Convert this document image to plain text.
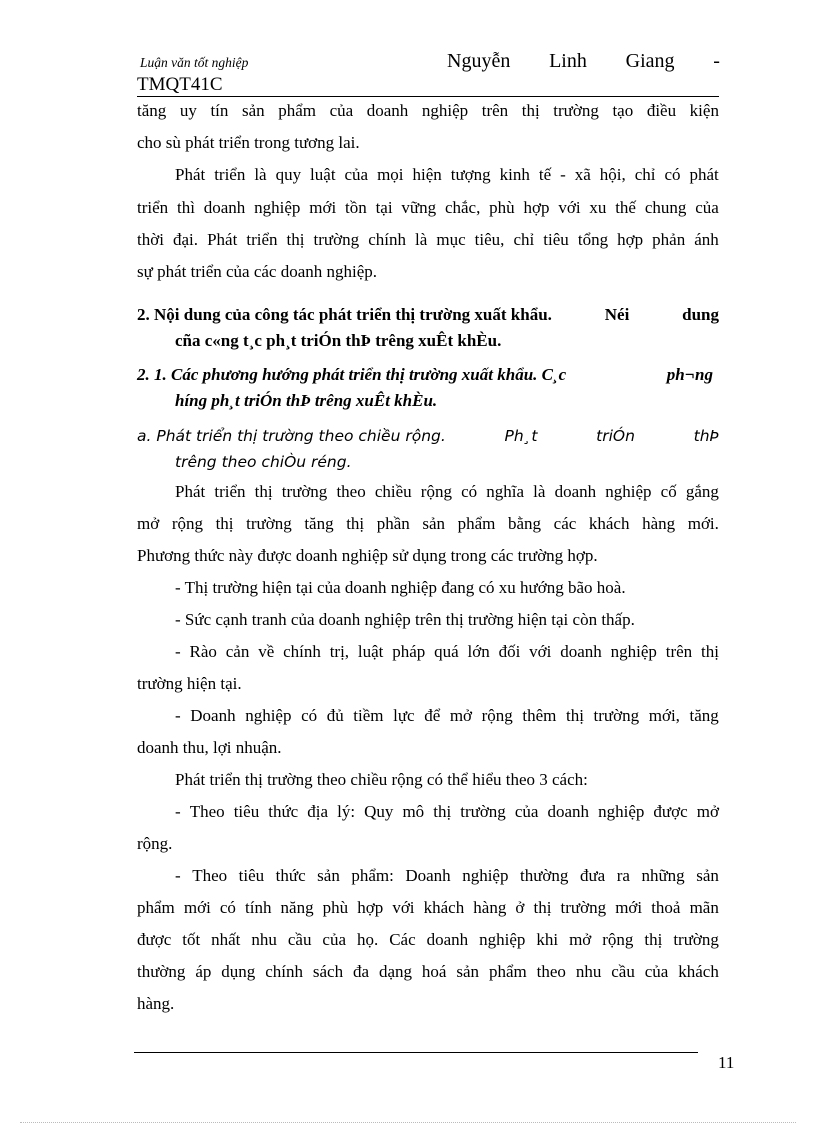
Luận văn tốt nghiệp
TMQT41C
Nguyễn Linh Giang -
tăng uy tín sản phẩm của doanh nghiệp trên thị trường tạo điều kiện
cho sù phát triển trong tương lai.
Phát triển là quy luật của mọi hiện tượng kinh tế - xã hội, chỉ có phát
triển thì doanh nghiệp mới tồn tại vững chắc, phù hợp với xu thế chung của
thời đại. Phát triển thị trường chính là mục tiêu, chỉ tiêu tổng hợp phản ánh
sự phát triển của các doanh nghiệp.
2. Nội dung của công tác phát triển thị trường xuất khẩu.	Néi	dung
cña c«ng t¸c ph¸t triÓn thÞ trêng xuÊt khÈu.
2. 1. Các phương hướng phát triển thị trường xuất khẩu. C¸c	ph¬ng
híng ph¸t triÓn thÞ trêng xuÊt khÈu.
a. Phát triển thị trường theo chiều rộng.	Ph¸t	triÓn	thÞ
trêng theo chiÒu réng.
Phát triển thị trường theo chiều rộng có nghĩa là doanh nghiệp cố gắng
mở rộng thị trường tăng thị phần sản phẩm bằng các khách hàng mới.
Phương thức này được doanh nghiệp sử dụng trong các trường hợp.
- Thị trường hiện tại của doanh nghiệp đang có xu hướng bão hoà.
- Sức cạnh tranh của doanh nghiệp trên thị trường hiện tại còn thấp.
- Rào cản về chính trị, luật pháp quá lớn đối với doanh nghiệp trên thị
trường hiện tại.
- Doanh nghiệp có đủ tiềm lực để mở rộng thêm thị trường mới, tăng
doanh thu, lợi nhuận.
Phát triển thị trường theo chiều rộng có thể hiểu theo 3 cách:
- Theo tiêu thức địa lý: Quy mô thị trường của doanh nghiệp được mở
rộng.
- Theo tiêu thức sản phẩm: Doanh nghiệp thường đưa ra những sản
phẩm mới có tính năng phù hợp với khách hàng ở thị trường mới thoả mãn
được tốt nhất nhu cầu của họ. Các doanh nghiệp khi mở rộng thị trường
thường áp dụng chính sách đa dạng hoá sản phẩm theo nhu cầu của khách
hàng.
11
